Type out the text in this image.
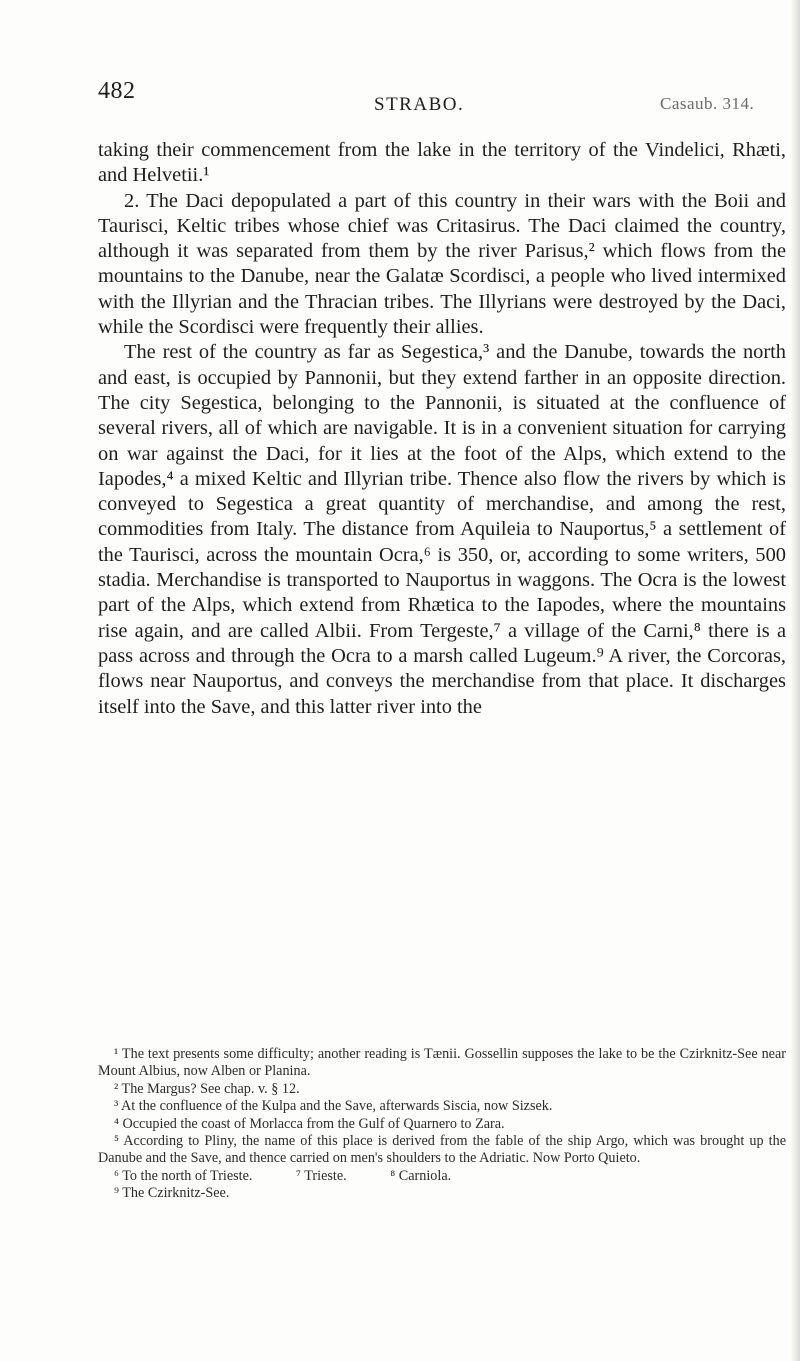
482
STRABO.	Casaub. 314.

taking their commencement from the lake in the territory of the Vindelici, Rhæti, and Helvetii.¹

2. The Daci depopulated a part of this country in their wars with the Boii and Taurisci, Keltic tribes whose chief was Critasirus. The Daci claimed the country, although it was separated from them by the river Parisus,² which flows from the mountains to the Danube, near the Galatæ Scordisci, a people who lived intermixed with the Illyrian and the Thracian tribes. The Illyrians were destroyed by the Daci, while the Scordisci were frequently their allies.

The rest of the country as far as Segestica,³ and the Danube, towards the north and east, is occupied by Pannonii, but they extend farther in an opposite direction. The city Segestica, belonging to the Pannonii, is situated at the confluence of several rivers, all of which are navigable. It is in a convenient situation for carrying on war against the Daci, for it lies at the foot of the Alps, which extend to the Iapodes,⁴ a mixed Keltic and Illyrian tribe. Thence also flow the rivers by which is conveyed to Segestica a great quantity of merchandise, and among the rest, commodities from Italy. The distance from Aquileia to Nauportus,⁵ a settlement of the Taurisci, across the mountain Ocra,⁶ is 350, or, according to some writers, 500 stadia. Merchandise is transported to Nauportus in waggons. The Ocra is the lowest part of the Alps, which extend from Rhætica to the Iapodes, where the mountains rise again, and are called Albii. From Tergeste,⁷ a village of the Carni,⁸ there is a pass across and through the Ocra to a marsh called Lugeum.⁹ A river, the Corcoras, flows near Nauportus, and conveys the merchandise from that place. It discharges itself into the Save, and this latter river into the

¹ The text presents some difficulty; another reading is Tænii. Gossellin supposes the lake to be the Czirknitz-See near Mount Albius, now Alben or Planina.

² The Margus? See chap. v. § 12.

³ At the confluence of the Kulpa and the Save, afterwards Siscia, now Sizsek.

⁴ Occupied the coast of Morlacca from the Gulf of Quarnero to Zara.

⁵ According to Pliny, the name of this place is derived from the fable of the ship Argo, which was brought up the Danube and the Save, and thence carried on men's shoulders to the Adriatic. Now Porto Quieto.

⁶ To the north of Trieste.	⁷ Trieste.	⁸ Carniola.

⁹ The Czirknitz-See.
